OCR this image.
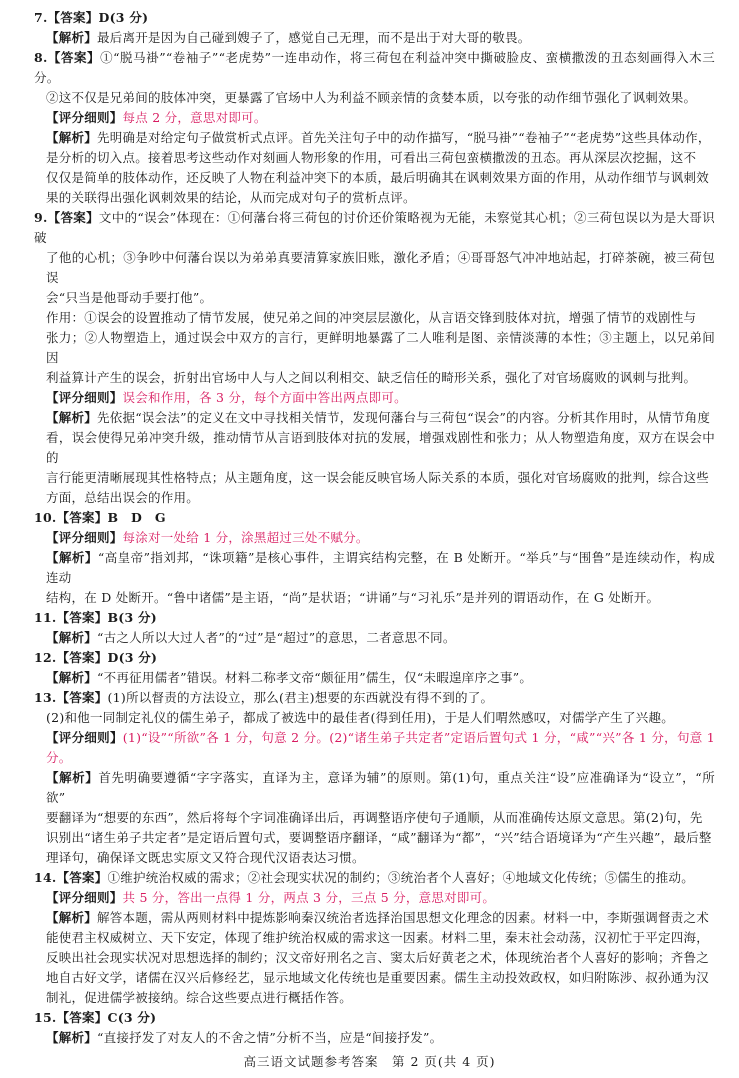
7.【答案】D(3 分)

【解析】最后离开是因为自己碰到嫂子了，感觉自己无理，而不是出于对大哥的敬畏。

8.【答案】①“脱马褂”“卷袖子”“老虎势”一连串动作，将三荷包在利益冲突中撕破脸皮、蛮横撒泼的丑态刻画得入木三分。

②这不仅是兄弟间的肢体冲突，更暴露了官场中人为利益不顾亲情的贪婪本质，以夸张的动作细节强化了讽刺效果。

【评分细则】每点 2 分，意思对即可。

【解析】先明确是对给定句子做赏析式点评。首先关注句子中的动作描写，“脱马褂”“卷袖子”“老虎势”这些具体动作，

是分析的切入点。接着思考这些动作对刻画人物形象的作用，可看出三荷包蛮横撒泼的丑态。再从深层次挖掘，这不

仅仅是简单的肢体动作，还反映了人物在利益冲突下的本质，最后明确其在讽刺效果方面的作用，从动作细节与讽刺效

果的关联得出强化讽刺效果的结论，从而完成对句子的赏析点评。

9.【答案】文中的“误会”体现在：①何藩台将三荷包的讨价还价策略视为无能，未察觉其心机；②三荷包误以为是大哥识破

了他的心机；③争吵中何藩台误以为弟弟真要清算家族旧账，激化矛盾；④哥哥怒气冲冲地站起，打碎茶碗，被三荷包误

会“只当是他哥动手要打他”。

作用：①误会的设置推动了情节发展，使兄弟之间的冲突层层激化，从言语交锋到肢体对抗，增强了情节的戏剧性与

张力；②人物塑造上，通过误会中双方的言行，更鲜明地暴露了二人唯利是图、亲情淡薄的本性；③主题上，以兄弟间因

利益算计产生的误会，折射出官场中人与人之间以利相交、缺乏信任的畸形关系，强化了对官场腐败的讽刺与批判。

【评分细则】误会和作用，各 3 分，每个方面中答出两点即可。

【解析】先依据“误会法”的定义在文中寻找相关情节，发现何藩台与三荷包“误会”的内容。分析其作用时，从情节角度

看，误会使得兄弟冲突升级，推动情节从言语到肢体对抗的发展，增强戏剧性和张力；从人物塑造角度，双方在误会中的

言行能更清晰展现其性格特点；从主题角度，这一误会能反映官场人际关系的本质，强化对官场腐败的批判，综合这些

方面，总结出误会的作用。

10.【答案】B　D　G

【评分细则】每涂对一处给 1 分，涂黑超过三处不赋分。

【解析】“高皇帝”指刘邦，“诛项籍”是核心事件，主谓宾结构完整，在 B 处断开。“举兵”与“围鲁”是连续动作，构成连动

结构，在 D 处断开。“鲁中诸儒”是主语，“尚”是状语；“讲诵”与“习礼乐”是并列的谓语动作，在 G 处断开。

11.【答案】B(3 分)

【解析】“古之人所以大过人者”的“过”是“超过”的意思，二者意思不同。

12.【答案】D(3 分)

【解析】“不再征用儒者”错误。材料二称孝文帝“颇征用”儒生，仅“未暇遑庠序之事”。

13.【答案】(1)所以督责的方法设立，那么(君主)想要的东西就没有得不到的了。

(2)和他一同制定礼仪的儒生弟子，都成了被选中的最佳者(得到任用)，于是人们喟然感叹，对儒学产生了兴趣。

【评分细则】(1)“设”“所欲”各 1 分，句意 2 分。(2)“诸生弟子共定者”定语后置句式 1 分，“咸”“兴”各 1 分，句意 1 分。

【解析】首先明确要遵循“字字落实，直译为主，意译为辅”的原则。第(1)句，重点关注“设”应准确译为“设立”，“所欲”

要翻译为“想要的东西”，然后将每个字词准确译出后，再调整语序使句子通顺，从而准确传达原文意思。第(2)句，先

识别出“诸生弟子共定者”是定语后置句式，要调整语序翻译，“咸”翻译为“都”，“兴”结合语境译为“产生兴趣”，最后整

理译句，确保译文既忠实原文又符合现代汉语表达习惯。

14.【答案】①维护统治权威的需求；②社会现实状况的制约；③统治者个人喜好；④地域文化传统；⑤儒生的推动。

【评分细则】共 5 分，答出一点得 1 分，两点 3 分，三点 5 分，意思对即可。

【解析】解答本题，需从两则材料中提炼影响秦汉统治者选择治国思想文化理念的因素。材料一中，李斯强调督责之术

能使君主权威树立、天下安定，体现了维护统治权威的需求这一因素。材料二里，秦末社会动荡，汉初忙于平定四海，

反映出社会现实状况对思想选择的制约；汉文帝好刑名之言、窦太后好黄老之术，体现统治者个人喜好的影响；齐鲁之

地自古好文学，诸儒在汉兴后修经艺，显示地域文化传统也是重要因素。儒生主动投效政权，如归附陈涉、叔孙通为汉

制礼，促进儒学被接纳。综合这些要点进行概括作答。

15.【答案】C(3 分)

【解析】“直接抒发了对友人的不舍之情”分析不当，应是“间接抒发”。

高三语文试题参考答案　第 2 页(共 4 页)
